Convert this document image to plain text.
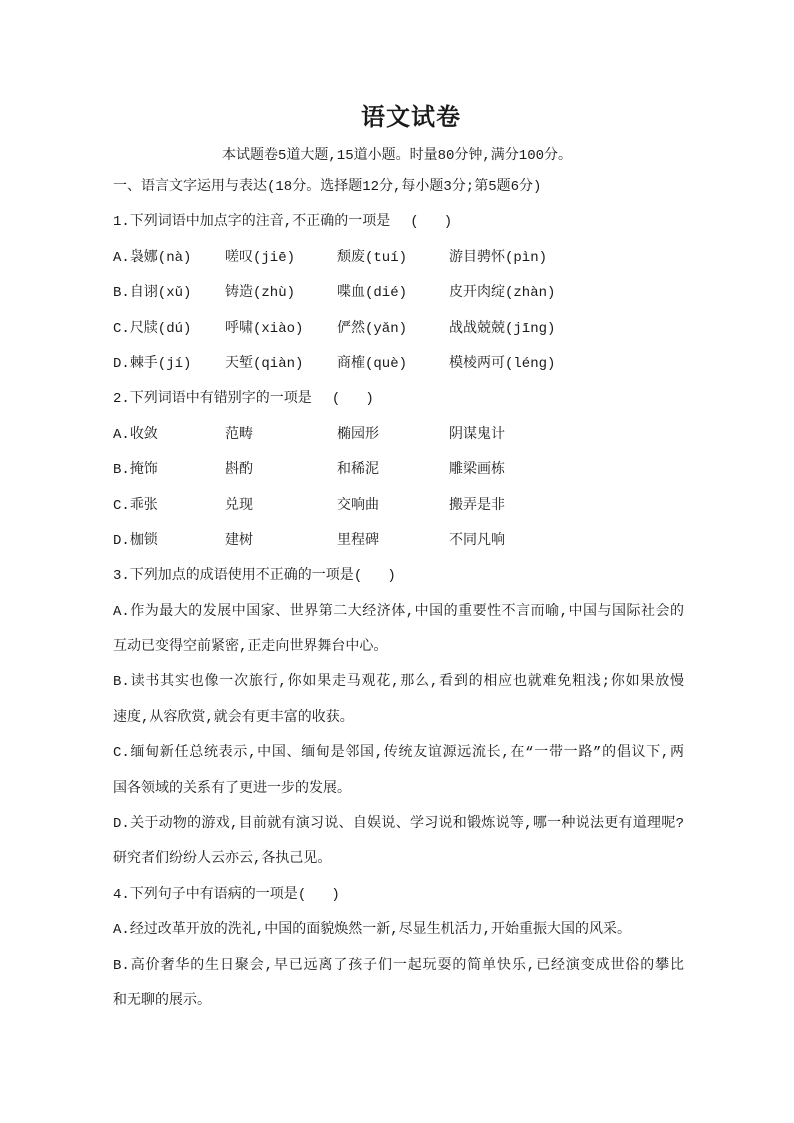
语文试卷
本试题卷5道大题,15道小题。时量80分钟,满分100分。
一、语言文字运用与表达(18分。选择题12分,每小题3分;第5题6分)
1.下列词语中加点字的注音,不正确的一项是 (   )
A.袅娜(nà)	嗟叹(jiē)	颓废(tuí)	游目骋怀(pìn)
B.自诩(xǔ)	铸造(zhù)	喋血(dié)	皮开肉绽(zhàn)
C.尺牍(dú)	呼啸(xiào)	俨然(yǎn)	战战兢兢(jīng)
D.棘手(jí)	天堑(qiàn)	商榷(què)	模棱两可(léng)
2.下列词语中有错别字的一项是 (   )
A.收敛	范畴	椭园形	阴谋鬼计
B.掩饰	斟酌	和稀泥	雕梁画栋
C.乖张	兑现	交响曲	搬弄是非
D.枷锁	建树	里程碑	不同凡响
3.下列加点的成语使用不正确的一项是(   )
A.作为最大的发展中国家、世界第二大经济体,中国的重要性不言而喻,中国与国际社会的
互动已变得空前紧密,正走向世界舞台中心。
B.读书其实也像一次旅行,你如果走马观花,那么,看到的相应也就难免粗浅;你如果放慢
速度,从容欣赏,就会有更丰富的收获。
C.缅甸新任总统表示,中国、缅甸是邻国,传统友谊源远流长,在“一带一路”的倡议下,两
国各领域的关系有了更进一步的发展。
D.关于动物的游戏,目前就有演习说、自娱说、学习说和锻炼说等,哪一种说法更有道理呢?
研究者们纷纷人云亦云,各执己见。
4.下列句子中有语病的一项是(   )
A.经过改革开放的洗礼,中国的面貌焕然一新,尽显生机活力,开始重振大国的风采。
B.高价奢华的生日聚会,早已远离了孩子们一起玩耍的简单快乐,已经演变成世俗的攀比
和无聊的展示。
